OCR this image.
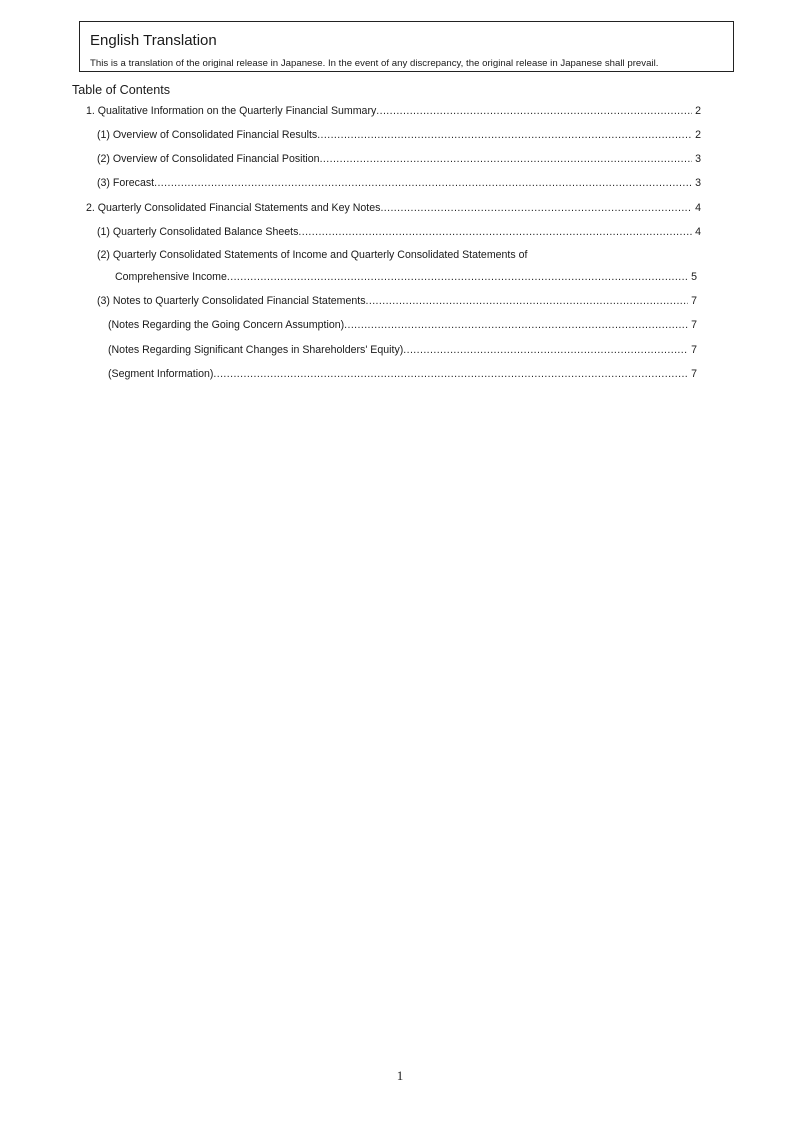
English Translation
This is a translation of the original release in Japanese. In the event of any discrepancy, the original release in Japanese shall prevail.
Table of Contents
1. Qualitative Information on the Quarterly Financial Summary .....	2
(1) Overview of Consolidated Financial Results .....	2
(2) Overview of Consolidated Financial Position .....	3
(3) Forecast .....	3
2. Quarterly Consolidated Financial Statements and Key Notes .....	4
(1) Quarterly Consolidated Balance Sheets .....	4
(2) Quarterly Consolidated Statements of Income and Quarterly Consolidated Statements of
Comprehensive Income .....	5
(3) Notes to Quarterly Consolidated Financial Statements .....	7
(Notes Regarding the Going Concern Assumption) .....	7
(Notes Regarding Significant Changes in Shareholders' Equity) .....	7
(Segment Information) .....	7
1
